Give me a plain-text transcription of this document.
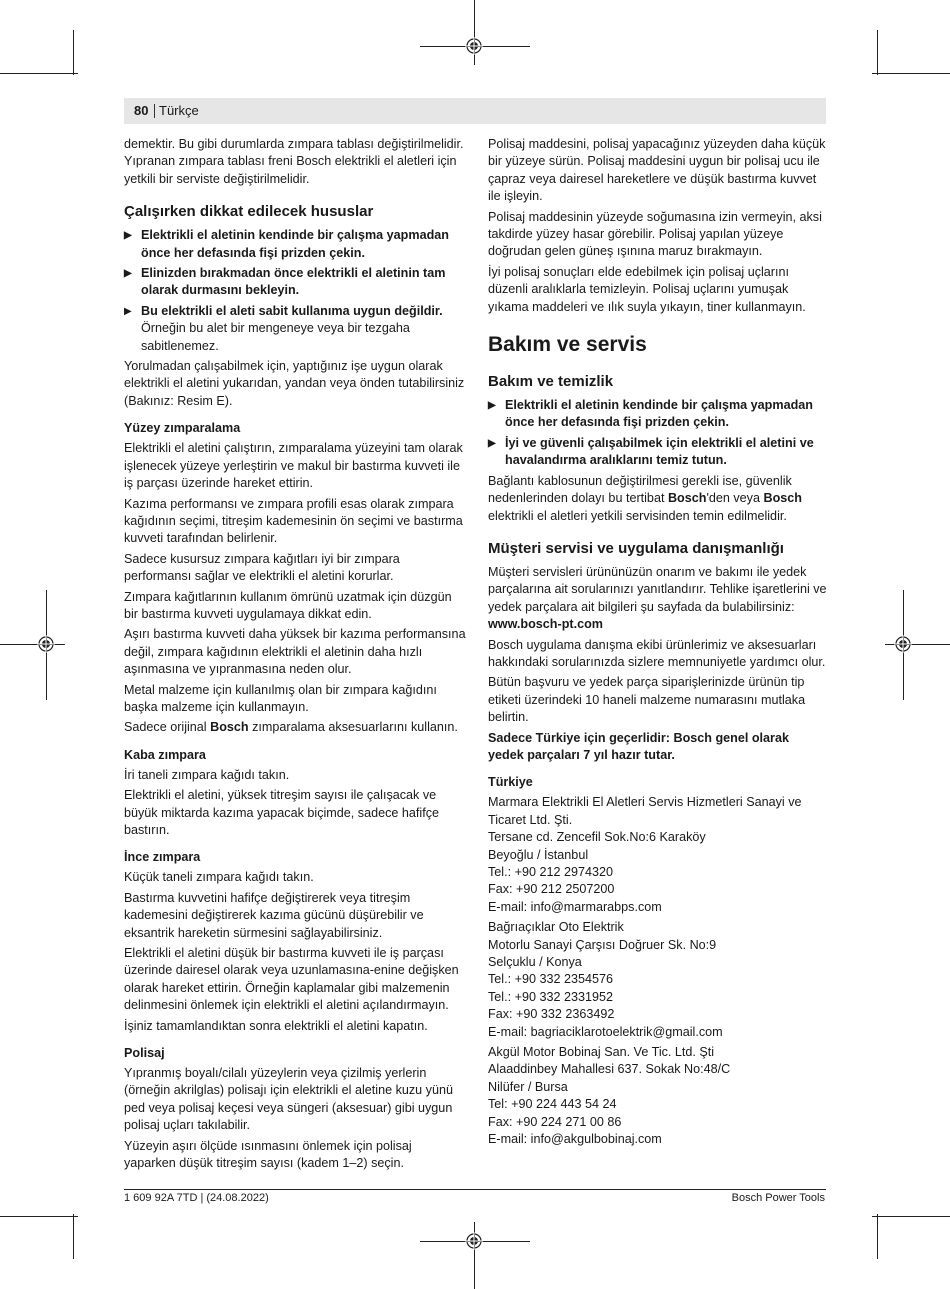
80 Türkçe

demektir. Bu gibi durumlarda zımpara tablası değiştirilmelidir. Yıpranan zımpara tablası freni Bosch elektrikli el aletleri için yetkili bir serviste değiştirilmelidir.

Çalışırken dikkat edilecek hususlar
▶ Elektrikli el aletinin kendinde bir çalışma yapmadan önce her defasında fişi prizden çekin.
▶ Elinizden bırakmadan önce elektrikli el aletinin tam olarak durmasını bekleyin.
▶ Bu elektrikli el aleti sabit kullanıma uygun değildir. Örneğin bu alet bir mengeneye veya bir tezgaha sabitlenemez.

Yorulmadan çalışabilmek için, yaptığınız işe uygun olarak elektrikli el aletini yukarıdan, yandan veya önden tutabilirsiniz (Bakınız: Resim E).

Yüzey zımparalama

Elektrikli el aletini çalıştırın, zımparalama yüzeyini tam olarak işlenecek yüzeye yerleştirin ve makul bir bastırma kuvveti ile iş parçası üzerinde hareket ettirin.

Kazıma performansı ve zımpara profili esas olarak zımpara kağıdının seçimi, titreşim kademesinin ön seçimi ve bastırma kuvveti tarafından belirlenir.

Sadece kusursuz zımpara kağıtları iyi bir zımpara performansı sağlar ve elektrikli el aletini korurlar.

Zımpara kağıtlarının kullanım ömrünü uzatmak için düzgün bir bastırma kuvveti uygulamaya dikkat edin.

Aşırı bastırma kuvveti daha yüksek bir kazıma performansına değil, zımpara kağıdının elektrikli el aletinin daha hızlı aşınmasına ve yıpranmasına neden olur.

Metal malzeme için kullanılmış olan bir zımpara kağıdını başka malzeme için kullanmayın.

Sadece orijinal Bosch zımparalama aksesuarlarını kullanın.

Kaba zımpara

İri taneli zımpara kağıdı takın.

Elektrikli el aletini, yüksek titreşim sayısı ile çalışacak ve büyük miktarda kazıma yapacak biçimde, sadece hafifçe bastırın.

İnce zımpara

Küçük taneli zımpara kağıdı takın.

Bastırma kuvvetini hafifçe değiştirerek veya titreşim kademesini değiştirerek kazıma gücünü düşürebilir ve eksantrik hareketin sürmesini sağlayabilirsiniz.

Elektrikli el aletini düşük bir bastırma kuvveti ile iş parçası üzerinde dairesel olarak veya uzunlamasına-enine değişken olarak hareket ettirin. Örneğin kaplamalar gibi malzemenin delinmesini önlemek için elektrikli el aletini açılandırmayın.

İşiniz tamamlandıktan sonra elektrikli el aletini kapatın.

Polisaj

Yıpranmış boyalı/cilalı yüzeylerin veya çizilmiş yerlerin (örneğin akrilglas) polisajı için elektrikli el aletine kuzu yünü ped veya polisaj keçesi veya süngeri (aksesuar) gibi uygun polisaj uçları takılabilir.

Yüzeyin aşırı ölçüde ısınmasını önlemek için polisaj yaparken düşük titreşim sayısı (kadem 1–2) seçin.

Polisaj maddesini, polisaj yapacağınız yüzeyden daha küçük bir yüzeye sürün. Polisaj maddesini uygun bir polisaj ucu ile çapraz veya dairesel hareketlere ve düşük bastırma kuvvet ile işleyin.

Polisaj maddesinin yüzeyde soğumasına izin vermeyin, aksi takdirde yüzey hasar görebilir. Polisaj yapılan yüzeye doğrudan gelen güneş ışınına maruz bırakmayın.

İyi polisaj sonuçları elde edebilmek için polisaj uçlarını düzenli aralıklarla temizleyin. Polisaj uçlarını yumuşak yıkama maddeleri ve ılık suyla yıkayın, tiner kullanmayın.

Bakım ve servis
Bakım ve temizlik
▶ Elektrikli el aletinin kendinde bir çalışma yapmadan önce her defasında fişi prizden çekin.
▶ İyi ve güvenli çalışabilmek için elektrikli el aletini ve havalandırma aralıklarını temiz tutun.

Bağlantı kablosunun değiştirilmesi gerekli ise, güvenlik nedenlerinden dolayı bu tertibat Bosch'den veya Bosch elektrikli el aletleri yetkili servisinden temin edilmelidir.

Müşteri servisi ve uygulama danışmanlığı

Müşteri servisleri ürününüzün onarım ve bakımı ile yedek parçalarına ait sorularınızı yanıtlandırır. Tehlike işaretlerini ve yedek parçalara ait bilgileri şu sayfada da bulabilirsiniz:

www.bosch-pt.com

Bosch uygulama danışma ekibi ürünlerimiz ve aksesuarları hakkındaki sorularınızda sizlere memnuniyetle yardımcı olur.

Bütün başvuru ve yedek parça siparişlerinizde ürünün tip etiketi üzerindeki 10 haneli malzeme numarasını mutlaka belirtin.

Sadece Türkiye için geçerlidir: Bosch genel olarak yedek parçaları 7 yıl hazır tutar.

Türkiye

Marmara Elektrikli El Aletleri Servis Hizmetleri Sanayi ve
Ticaret Ltd. Şti.
Tersane cd. Zencefil Sok.No:6 Karaköy
Beyoğlu / İstanbul
Tel.: +90 212 2974320
Fax: +90 212 2507200
E-mail: info@marmarabps.com

Bağrıaçıklar Oto Elektrik
Motorlu Sanayi Çarşısı Doğruer Sk. No:9
Selçuklu / Konya
Tel.: +90 332 2354576
Tel.: +90 332 2331952
Fax: +90 332 2363492
E-mail: bagriaciklarotoelektrik@gmail.com

Akgül Motor Bobinaj San. Ve Tic. Ltd. Şti
Alaaddinbey Mahallesi 637. Sokak No:48/C
Nilüfer / Bursa
Tel: +90 224 443 54 24
Fax: +90 224 271 00 86
E-mail: info@akgulbobinaj.com

1 609 92A 7TD | (24.08.2022)	Bosch Power Tools
